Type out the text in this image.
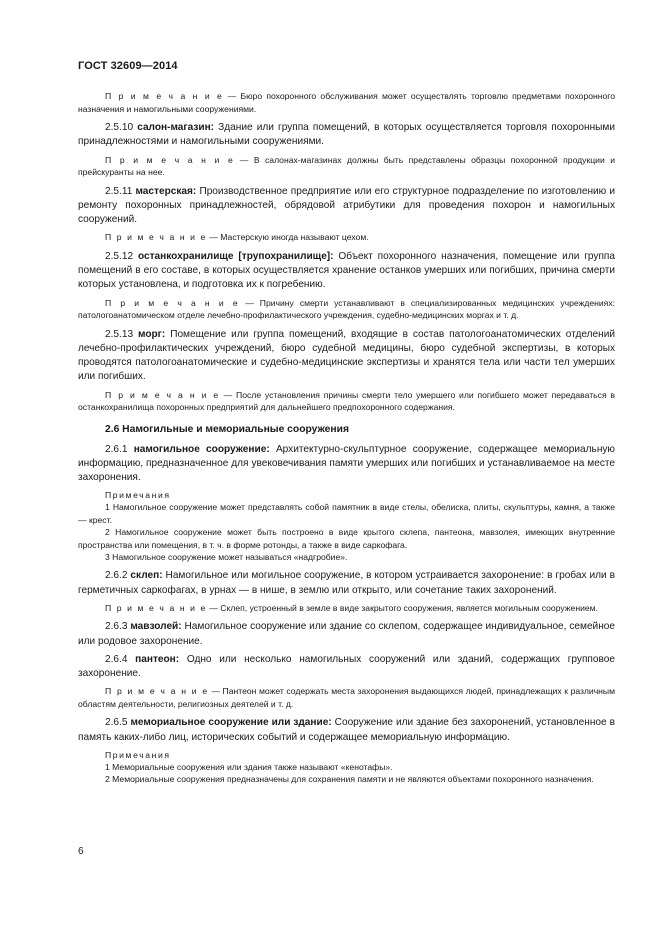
ГОСТ 32609—2014

П р и м е ч а н и е — Бюро похоронного обслуживания может осуществлять торговлю предметами похоронного назначения и намогильными сооружениями.

2.5.10 салон-магазин: Здание или группа помещений, в которых осуществляется торговля похоронными принадлежностями и намогильными сооружениями.

П р и м е ч а н и е — В салонах-магазинах должны быть представлены образцы похоронной продукции и прейскуранты на нее.

2.5.11 мастерская: Производственное предприятие или его структурное подразделение по изготовлению и ремонту похоронных принадлежностей, обрядовой атрибутики для проведения похорон и намогильных сооружений.

П р и м е ч а н и е — Мастерскую иногда называют цехом.

2.5.12 останкохранилище [трупохранилище]: Объект похоронного назначения, помещение или группа помещений в его составе, в которых осуществляется хранение останков умерших или погибших, причина смерти которых установлена, и подготовка их к погребению.

П р и м е ч а н и е — Причину смерти устанавливают в специализированных медицинских учреждениях: патологоанатомическом отделе лечебно-профилактического учреждения, судебно-медицинских моргах и т. д.

2.5.13 морг: Помещение или группа помещений, входящие в состав патологоанатомических отделений лечебно-профилактических учреждений, бюро судебной медицины, бюро судебной экспертизы, в которых проводятся патологоанатомические и судебно-медицинские экспертизы и хранятся тела или части тел умерших или погибших.

П р и м е ч а н и е — После установления причины смерти тело умершего или погибшего может передаваться в останкохранилища похоронных предприятий для дальнейшего предпохоронного содержания.

2.6 Намогильные и мемориальные сооружения

2.6.1 намогильное сооружение: Архитектурно-скульптурное сооружение, содержащее мемориальную информацию, предназначенное для увековечивания памяти умерших или погибших и устанавливаемое на месте захоронения.

Примечания

1 Намогильное сооружение может представлять собой памятник в виде стелы, обелиска, плиты, скульптуры, камня, а также — крест.

2 Намогильное сооружение может быть построено в виде крытого склепа, пантеона, мавзолея, имеющих внутренние пространства или помещения, в т. ч. в форме ротонды, а также в виде саркофага.

3 Намогильное сооружение может называться «надгробие».

2.6.2 склеп: Намогильное или могильное сооружение, в котором устраивается захоронение: в гробах или в герметичных саркофагах, в урнах — в нише, в землю или открыто, или сочетание таких захоронений.

П р и м е ч а н и е — Склеп, устроенный в земле в виде закрытого сооружения, является могильным сооружением.

2.6.3 мавзолей: Намогильное сооружение или здание со склепом, содержащее индивидуальное, семейное или родовое захоронение.

2.6.4 пантеон: Одно или несколько намогильных сооружений или зданий, содержащих групповое захоронение.

П р и м е ч а н и е — Пантеон может содержать места захоронения выдающихся людей, принадлежащих к различным областям деятельности, религиозных деятелей и т. д.

2.6.5 мемориальное сооружение или здание: Сооружение или здание без захоронений, установленное в память каких-либо лиц, исторических событий и содержащее мемориальную информацию.

Примечания

1 Мемориальные сооружения или здания также называют «кенотафы».

2 Мемориальные сооружения предназначены для сохранения памяти и не являются объектами похоронного назначения.

6
